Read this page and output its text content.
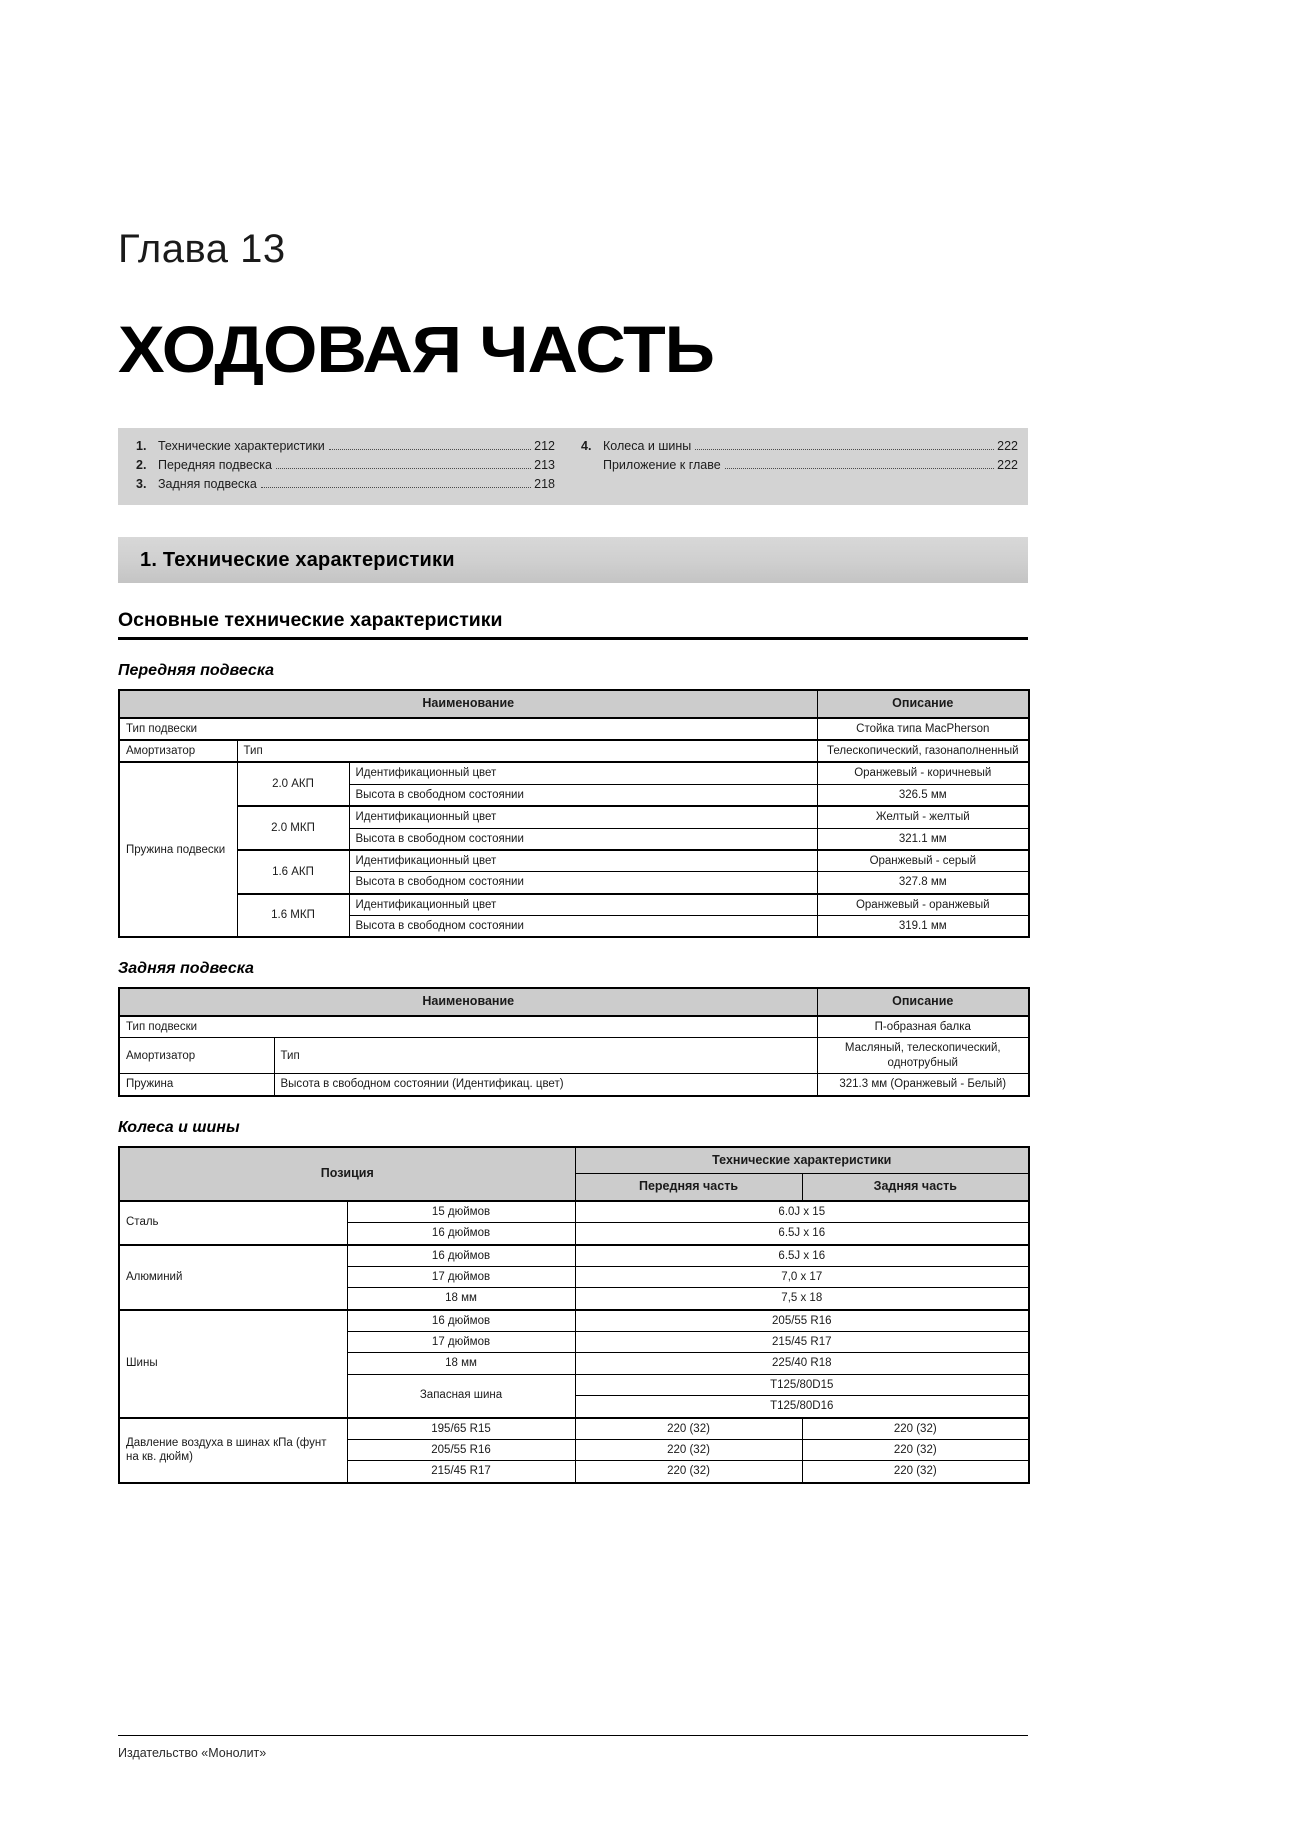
Глава 13
ХОДОВАЯ ЧАСТЬ
1. Технические характеристики	212
2. Передняя подвеска	213
3. Задняя подвеска	218
4. Колеса и шины	222
Приложение к главе	222
1. Технические характеристики
Основные технические характеристики
Передняя подвеска
Наименование			Описание
Тип подвески			Стойка типа MacPherson
Амортизатор	Тип		Телескопический, газонаполненный
Пружина подвески	2.0 АКП	Идентификационный цвет	Оранжевый - коричневый
		Высота в свободном состоянии	326.5 мм
	2.0 МКП	Идентификационный цвет	Желтый - желтый
		Высота в свободном состоянии	321.1 мм
	1.6 АКП	Идентификационный цвет	Оранжевый - серый
		Высота в свободном состоянии	327.8 мм
	1.6 МКП	Идентификационный цвет	Оранжевый - оранжевый
		Высота в свободном состоянии	319.1 мм
Задняя подвеска
Наименование		Описание
Тип подвески		П-образная балка
Амортизатор	Тип	Масляный, телескопический, однотрубный
Пружина	Высота в свободном состоянии (Идентификац. цвет)	321.3 мм (Оранжевый - Белый)
Колеса и шины
Позиция		Технические характеристики	
		Передняя часть	Задняя часть
Сталь	15 дюймов	6.0J x 15	
	16 дюймов	6.5J x 16	
Алюминий	16 дюймов	6.5J x 16	
	17 дюймов	7,0 x 17	
	18 мм	7,5 x 18	
Шины	16 дюймов	205/55 R16	
	17 дюймов	215/45 R17	
	18 мм	225/40 R18	
	Запасная шина	T125/80D15	
		T125/80D16	
Давление воздуха в шинах кПа (фунт на кв. дюйм)	195/65 R15	220 (32)	220 (32)
	205/55 R16	220 (32)	220 (32)
	215/45 R17	220 (32)	220 (32)
Издательство «Монолит»
